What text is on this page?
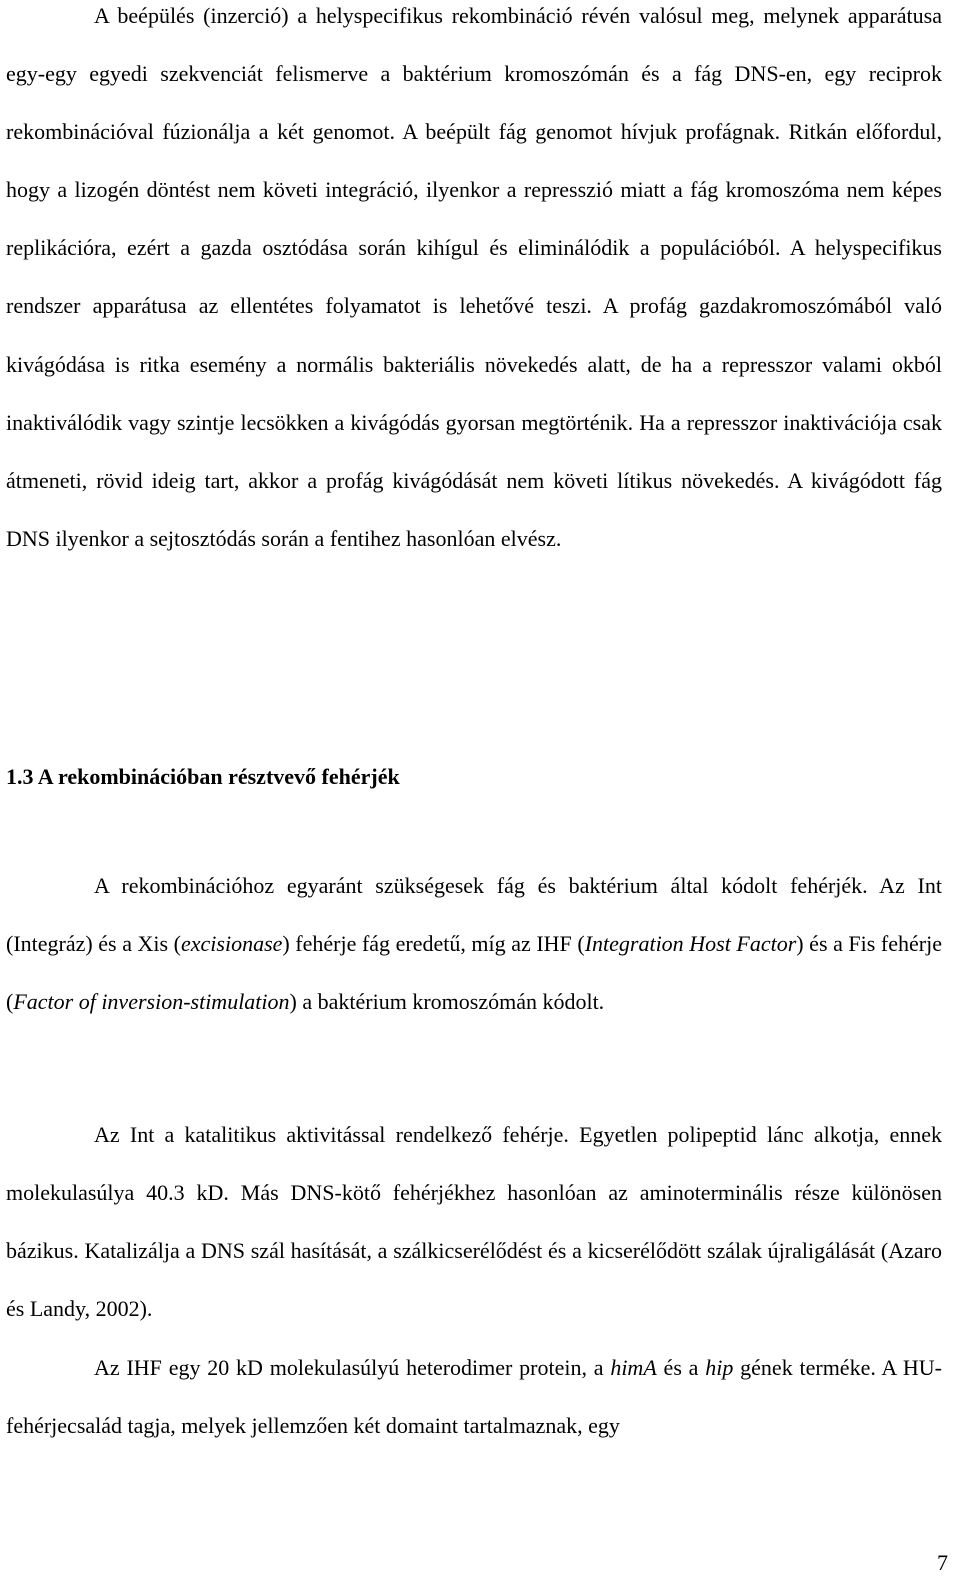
A beépülés (inzerció) a helyspecifikus rekombináció révén valósul meg, melynek apparátusa egy-egy egyedi szekvenciát felismerve a baktérium kromoszómán és a fág DNS-en, egy reciprok rekombinációval fúzionálja a két genomot. A beépült fág genomot hívjuk profágnak. Ritkán előfordul, hogy a lizogén döntést nem követi integráció, ilyenkor a represszió miatt a fág kromoszóma nem képes replikációra, ezért a gazda osztódása során kihígul és eliminálódik a populációból. A helyspecifikus rendszer apparátusa az ellentétes folyamatot is lehetővé teszi. A profág gazdakromoszómából való kivágódása is ritka esemény a normális bakteriális növekedés alatt, de ha a represszor valami okból inaktiválódik vagy szintje lecsökken a kivágódás gyorsan megtörténik. Ha a represszor inaktivációja csak átmeneti, rövid ideig tart, akkor a profág kivágódását nem követi lítikus növekedés. A kivágódott fág DNS ilyenkor a sejtosztódás során a fentihez hasonlóan elvész.

1.3 A rekombinációban résztvevő fehérjék

A rekombinációhoz egyaránt szükségesek fág és baktérium által kódolt fehérjék. Az Int (Integráz) és a Xis (excisionase) fehérje fág eredetű, míg az IHF (Integration Host Factor) és a Fis fehérje (Factor of inversion-stimulation) a baktérium kromoszómán kódolt.

Az Int a katalitikus aktivitással rendelkező fehérje. Egyetlen polipeptid lánc alkotja, ennek molekulasúlya 40.3 kD. Más DNS-kötő fehérjékhez hasonlóan az aminoterminális része különösen bázikus. Katalizálja a DNS szál hasítását, a szálkicserélődést és a kicserélődött szálak újraligálását (Azaro és Landy, 2002).

Az IHF egy 20 kD molekulasúlyú heterodimer protein, a himA és a hip gének terméke. A HU-fehérjecsalád tagja, melyek jellemzően két domaint tartalmaznak, egy

7
